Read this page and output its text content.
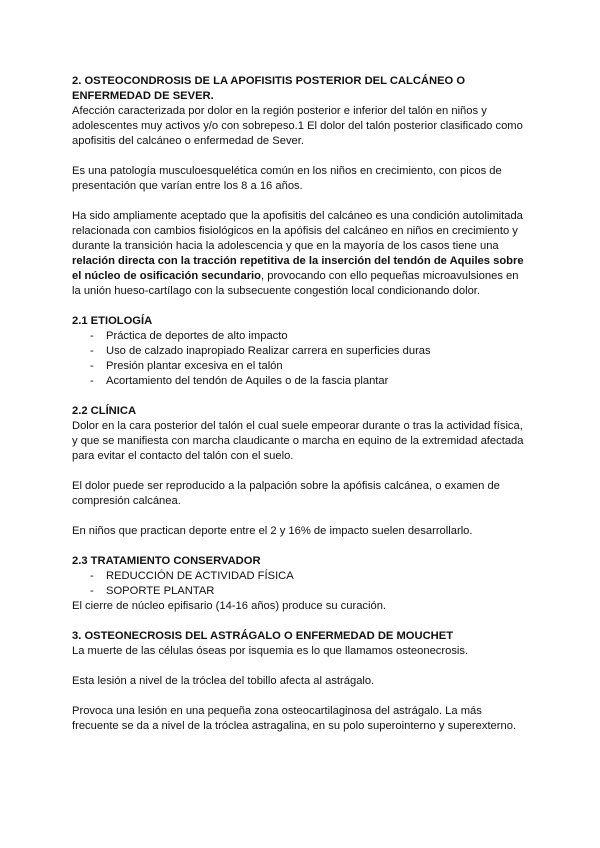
2. OSTEOCONDROSIS DE LA APOFISITIS POSTERIOR DEL CALCÁNEO O ENFERMEDAD DE SEVER.

Afección caracterizada por dolor en la región posterior e inferior del talón en niños y adolescentes muy activos y/o con sobrepeso.1 El dolor del talón posterior clasificado como apofisitis del calcáneo o enfermedad de Sever.

Es una patología musculoesquelética común en los niños en crecimiento, con picos de presentación que varían entre los 8 a 16 años.

Ha sido ampliamente aceptado que la apofisitis del calcáneo es una condición autolimitada relacionada con cambios fisiológicos en la apófisis del calcáneo en niños en crecimiento y durante la transición hacia la adolescencia y que en la mayoría de los casos tiene una relación directa con la tracción repetitiva de la inserción del tendón de Aquiles sobre el núcleo de osificación secundario, provocando con ello pequeñas microavulsiones en la unión hueso-cartílago con la subsecuente congestión local condicionando dolor.

2.1 ETIOLOGÍA

- Práctica de deportes de alto impacto
- Uso de calzado inapropiado Realizar carrera en superficies duras
- Presión plantar excesiva en el talón
- Acortamiento del tendón de Aquiles o de la fascia plantar

2.2 CLÍNICA

Dolor en la cara posterior del talón el cual suele empeorar durante o tras la actividad física, y que se manifiesta con marcha claudicante o marcha en equino de la extremidad afectada para evitar el contacto del talón con el suelo.

El dolor puede ser reproducido a la palpación sobre la apófisis calcánea, o examen de compresión calcánea.

En niños que practican deporte entre el 2 y 16% de impacto suelen desarrollarlo.

2.3 TRATAMIENTO CONSERVADOR

- REDUCCIÓN DE ACTIVIDAD FÍSICA
- SOPORTE PLANTAR

El cierre de núcleo epifisario (14-16 años) produce su curación.

3. OSTEONECROSIS DEL ASTRÁGALO O ENFERMEDAD DE MOUCHET

La muerte de las células óseas por isquemia es lo que llamamos osteonecrosis.

Esta lesión a nivel de la tróclea del tobillo afecta al astrágalo.

Provoca una lesión en una pequeña zona osteocartilaginosa del astrágalo. La más frecuente se da a nivel de la tróclea astragalina, en su polo superointerno y superexterno.
